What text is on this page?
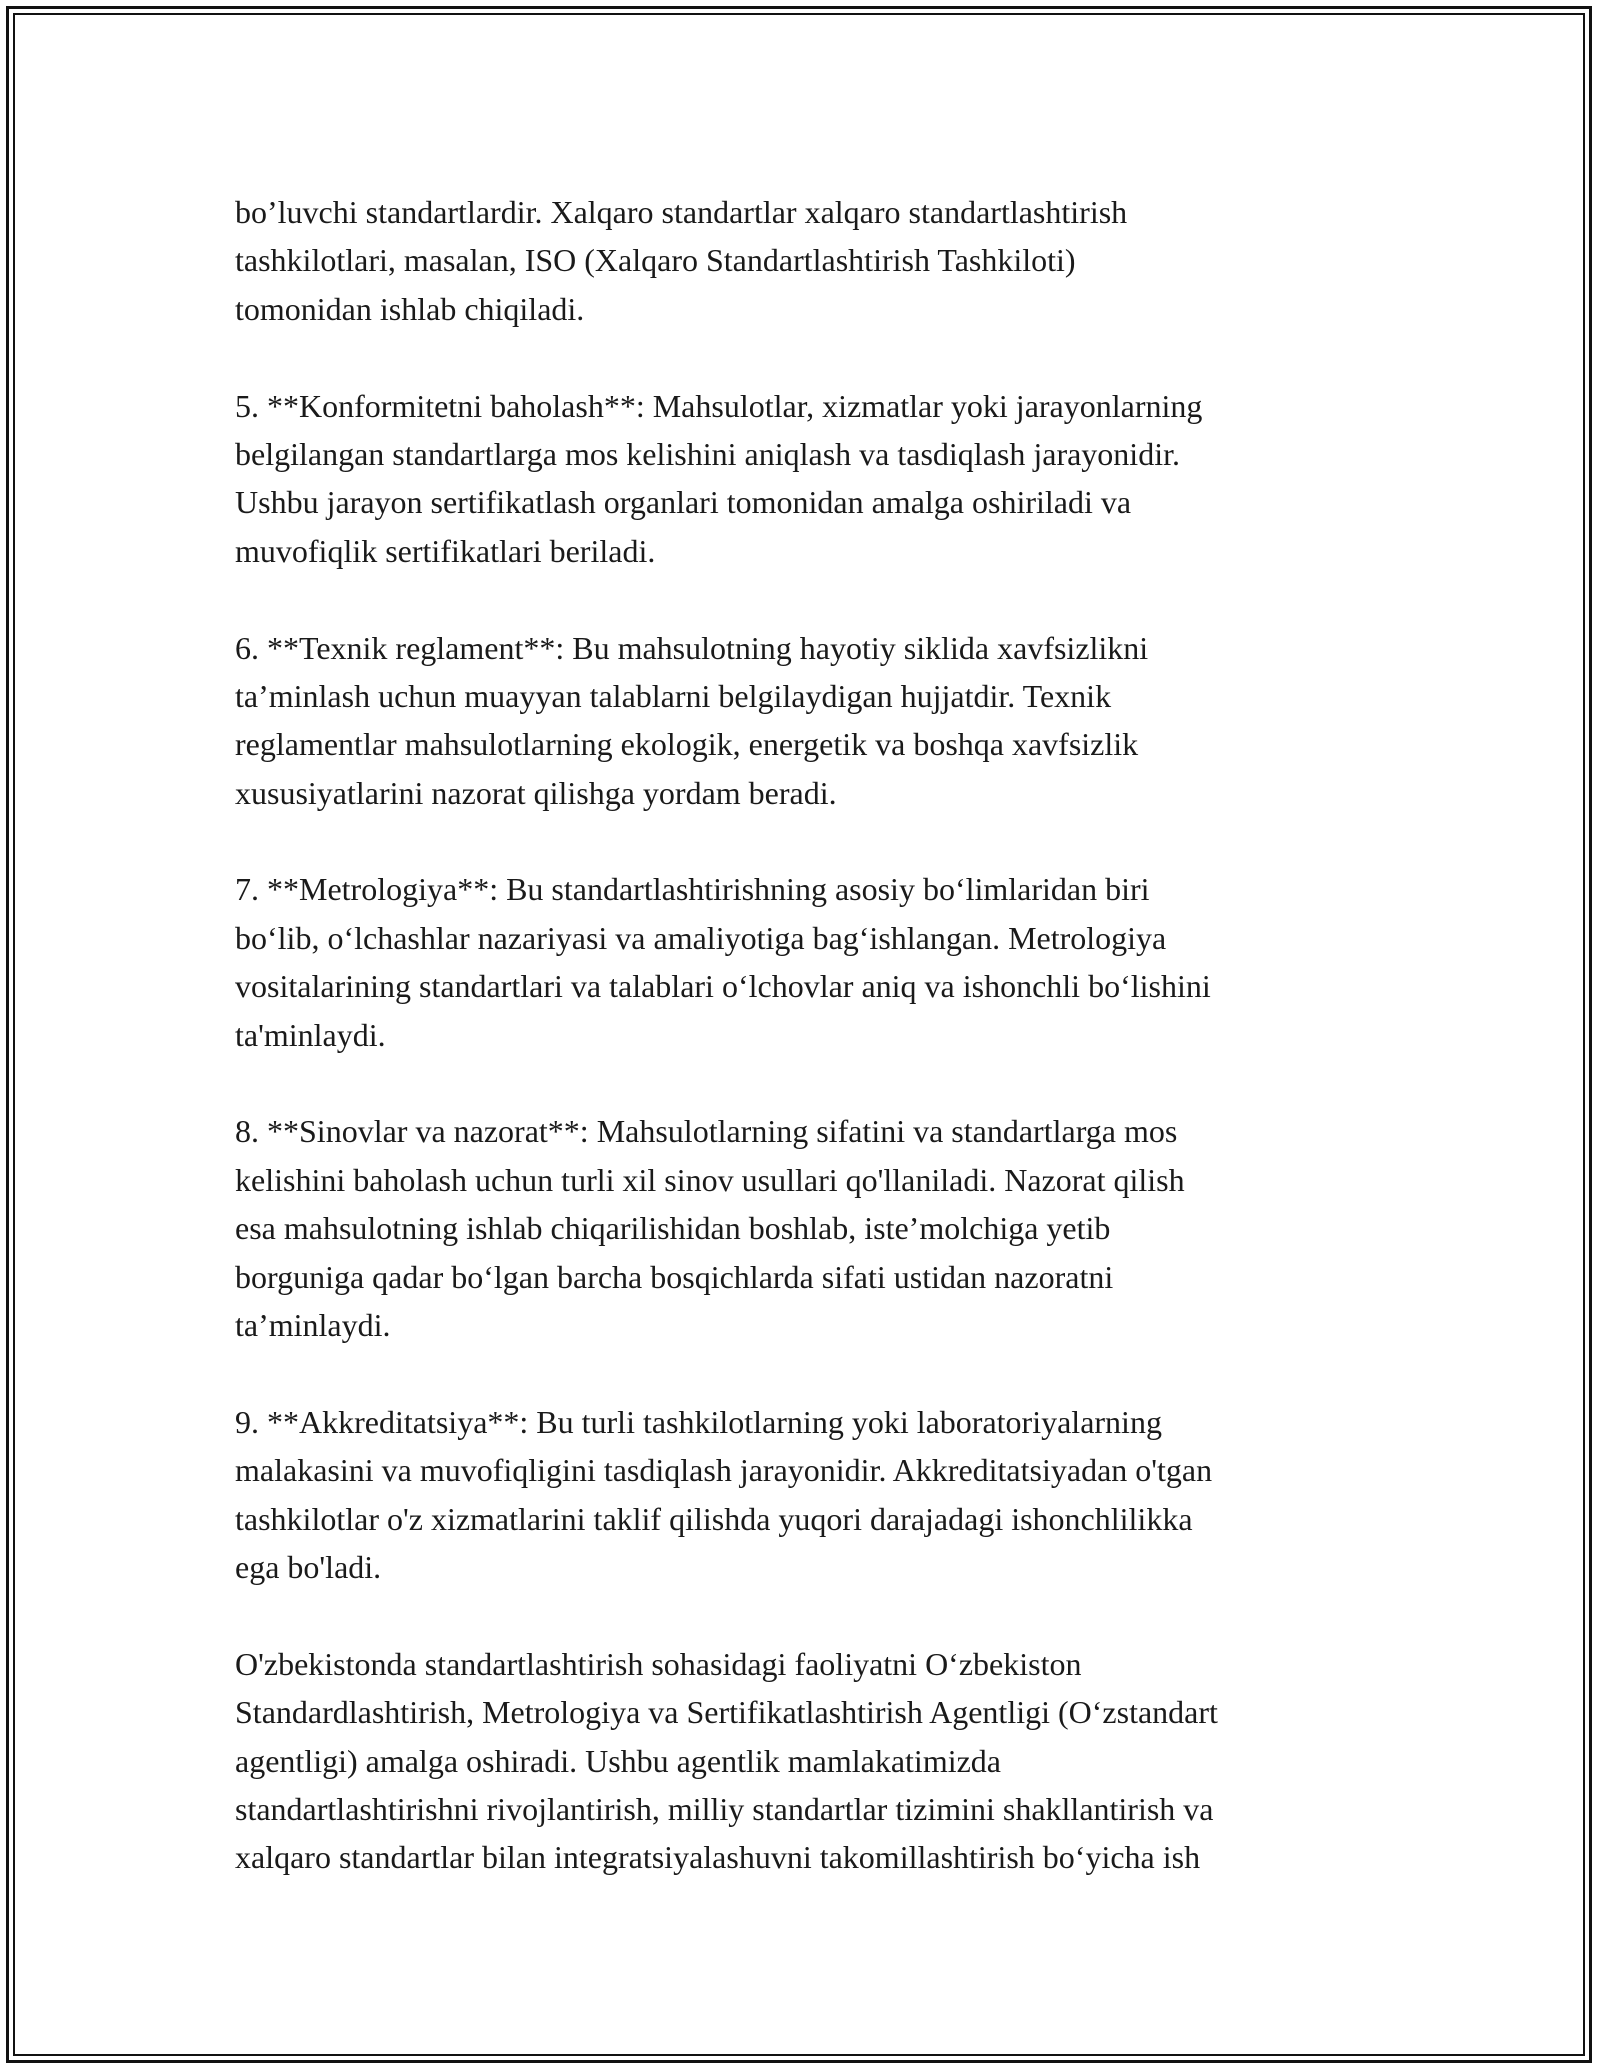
bo’luvchi standartlardir. Xalqaro standartlar xalqaro standartlashtirish
tashkilotlari, masalan, ISO (Xalqaro Standartlashtirish Tashkiloti)
tomonidan ishlab chiqiladi.
5. **Konformitetni baholash**: Mahsulotlar, xizmatlar yoki jarayonlarning
belgilangan standartlarga mos kelishini aniqlash va tasdiqlash jarayonidir.
Ushbu jarayon sertifikatlash organlari tomonidan amalga oshiriladi va
muvofiqlik sertifikatlari beriladi.
6. **Texnik reglament**: Bu mahsulotning hayotiy siklida xavfsizlikni
ta’minlash uchun muayyan talablarni belgilaydigan hujjatdir. Texnik
reglamentlar mahsulotlarning ekologik, energetik va boshqa xavfsizlik
xususiyatlarini nazorat qilishga yordam beradi.
7. **Metrologiya**: Bu standartlashtirishning asosiy bo‘limlaridan biri
bo‘lib, o‘lchashlar nazariyasi va amaliyotiga bag‘ishlangan. Metrologiya
vositalarining standartlari va talablari o‘lchovlar aniq va ishonchli bo‘lishini
ta'minlaydi.
8. **Sinovlar va nazorat**: Mahsulotlarning sifatini va standartlarga mos
kelishini baholash uchun turli xil sinov usullari qo'llaniladi. Nazorat qilish
esa mahsulotning ishlab chiqarilishidan boshlab, iste’molchiga yetib
borguniga qadar bo‘lgan barcha bosqichlarda sifati ustidan nazoratni
ta’minlaydi.
9. **Akkreditatsiya**: Bu turli tashkilotlarning yoki laboratoriyalarning
malakasini va muvofiqligini tasdiqlash jarayonidir. Akkreditatsiyadan o'tgan
tashkilotlar o'z xizmatlarini taklif qilishda yuqori darajadagi ishonchlilikka
ega bo'ladi.
O'zbekistonda standartlashtirish sohasidagi faoliyatni O‘zbekiston
Standardlashtirish, Metrologiya va Sertifikatlashtirish Agentligi (O‘zstandart
agentligi) amalga oshiradi. Ushbu agentlik mamlakatimizda
standartlashtirishni rivojlantirish, milliy standartlar tizimini shakllantirish va
xalqaro standartlar bilan integratsiyalashuvni takomillashtirish bo‘yicha ish
